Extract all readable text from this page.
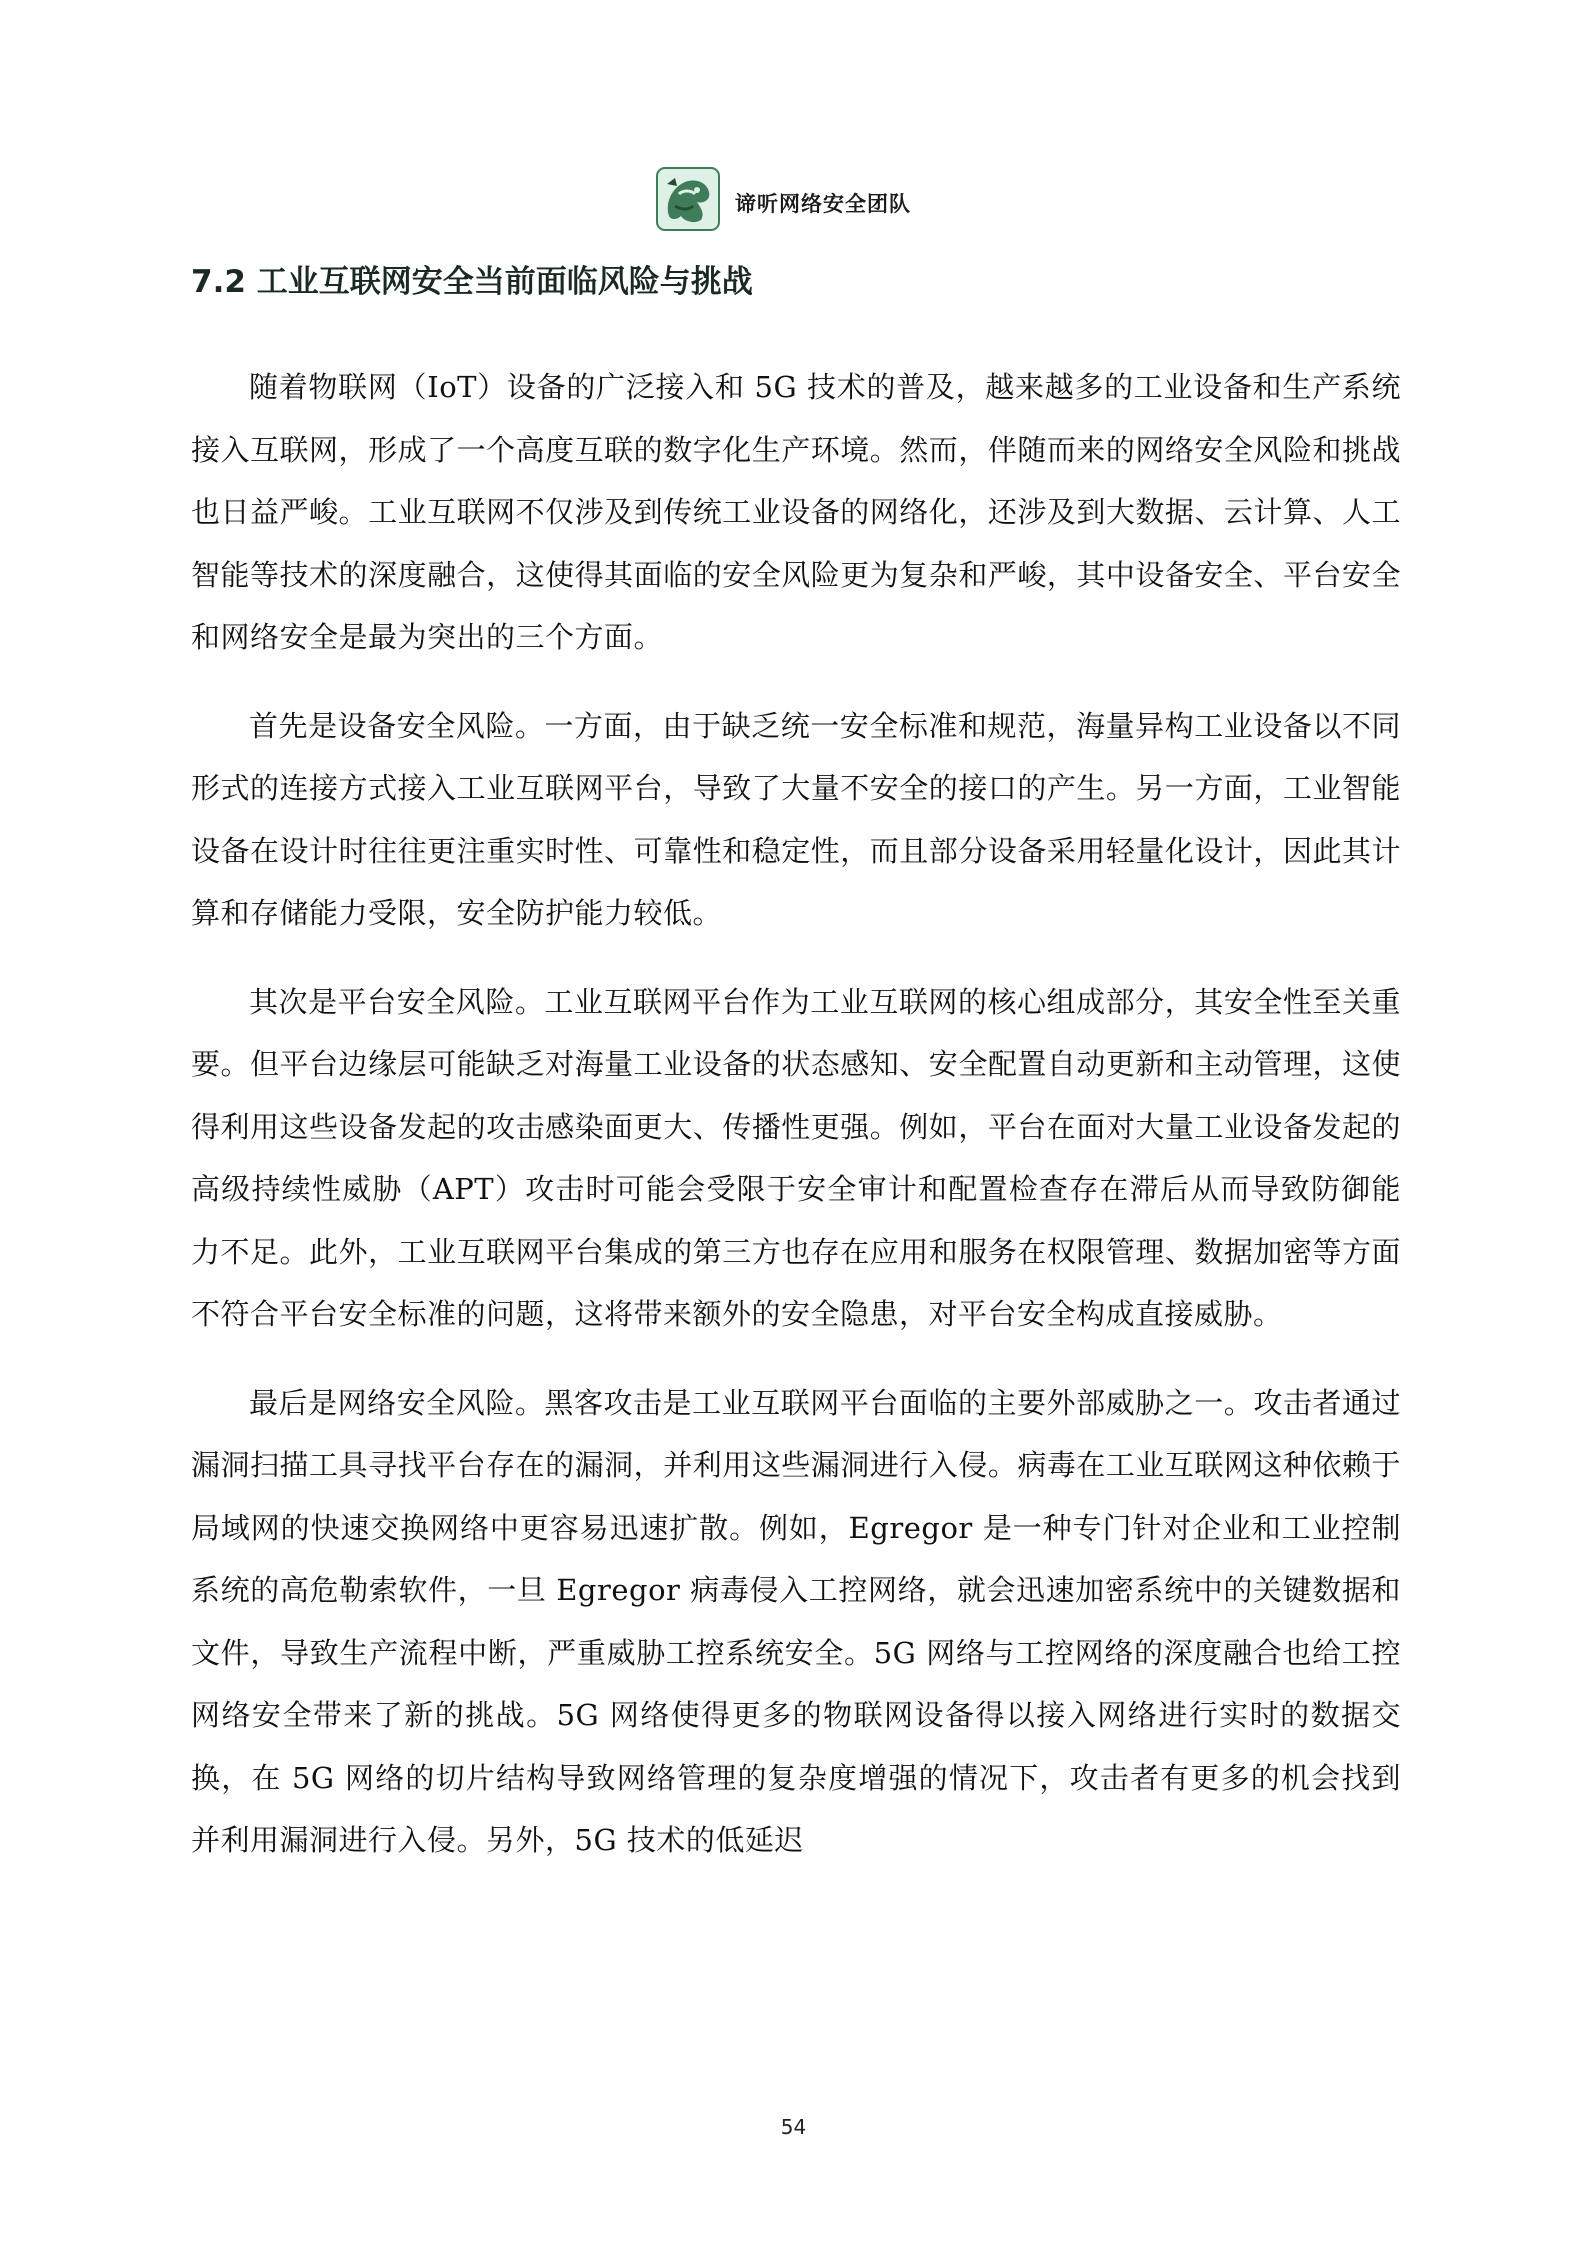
谛听网络安全团队
7.2 工业互联网安全当前面临风险与挑战

随着物联网（IoT）设备的广泛接入和 5G 技术的普及，越来越多的工业设备和生产系统接入互联网，形成了一个高度互联的数字化生产环境。然而，伴随而来的网络安全风险和挑战也日益严峻。工业互联网不仅涉及到传统工业设备的网络化，还涉及到大数据、云计算、人工智能等技术的深度融合，这使得其面临的安全风险更为复杂和严峻，其中设备安全、平台安全和网络安全是最为突出的三个方面。

首先是设备安全风险。一方面，由于缺乏统一安全标准和规范，海量异构工业设备以不同形式的连接方式接入工业互联网平台，导致了大量不安全的接口的产生。另一方面，工业智能设备在设计时往往更注重实时性、可靠性和稳定性，而且部分设备采用轻量化设计，因此其计算和存储能力受限，安全防护能力较低。

其次是平台安全风险。工业互联网平台作为工业互联网的核心组成部分，其安全性至关重要。但平台边缘层可能缺乏对海量工业设备的状态感知、安全配置自动更新和主动管理，这使得利用这些设备发起的攻击感染面更大、传播性更强。例如，平台在面对大量工业设备发起的高级持续性威胁（APT）攻击时可能会受限于安全审计和配置检查存在滞后从而导致防御能力不足。此外，工业互联网平台集成的第三方也存在应用和服务在权限管理、数据加密等方面不符合平台安全标准的问题，这将带来额外的安全隐患，对平台安全构成直接威胁。

最后是网络安全风险。黑客攻击是工业互联网平台面临的主要外部威胁之一。攻击者通过漏洞扫描工具寻找平台存在的漏洞，并利用这些漏洞进行入侵。病毒在工业互联网这种依赖于局域网的快速交换网络中更容易迅速扩散。例如，Egregor 是一种专门针对企业和工业控制系统的高危勒索软件，一旦 Egregor 病毒侵入工控网络，就会迅速加密系统中的关键数据和文件，导致生产流程中断，严重威胁工控系统安全。5G 网络与工控网络的深度融合也给工控网络安全带来了新的挑战。5G 网络使得更多的物联网设备得以接入网络进行实时的数据交换，在 5G 网络的切片结构导致网络管理的复杂度增强的情况下，攻击者有更多的机会找到并利用漏洞进行入侵。另外，5G 技术的低延迟

54
